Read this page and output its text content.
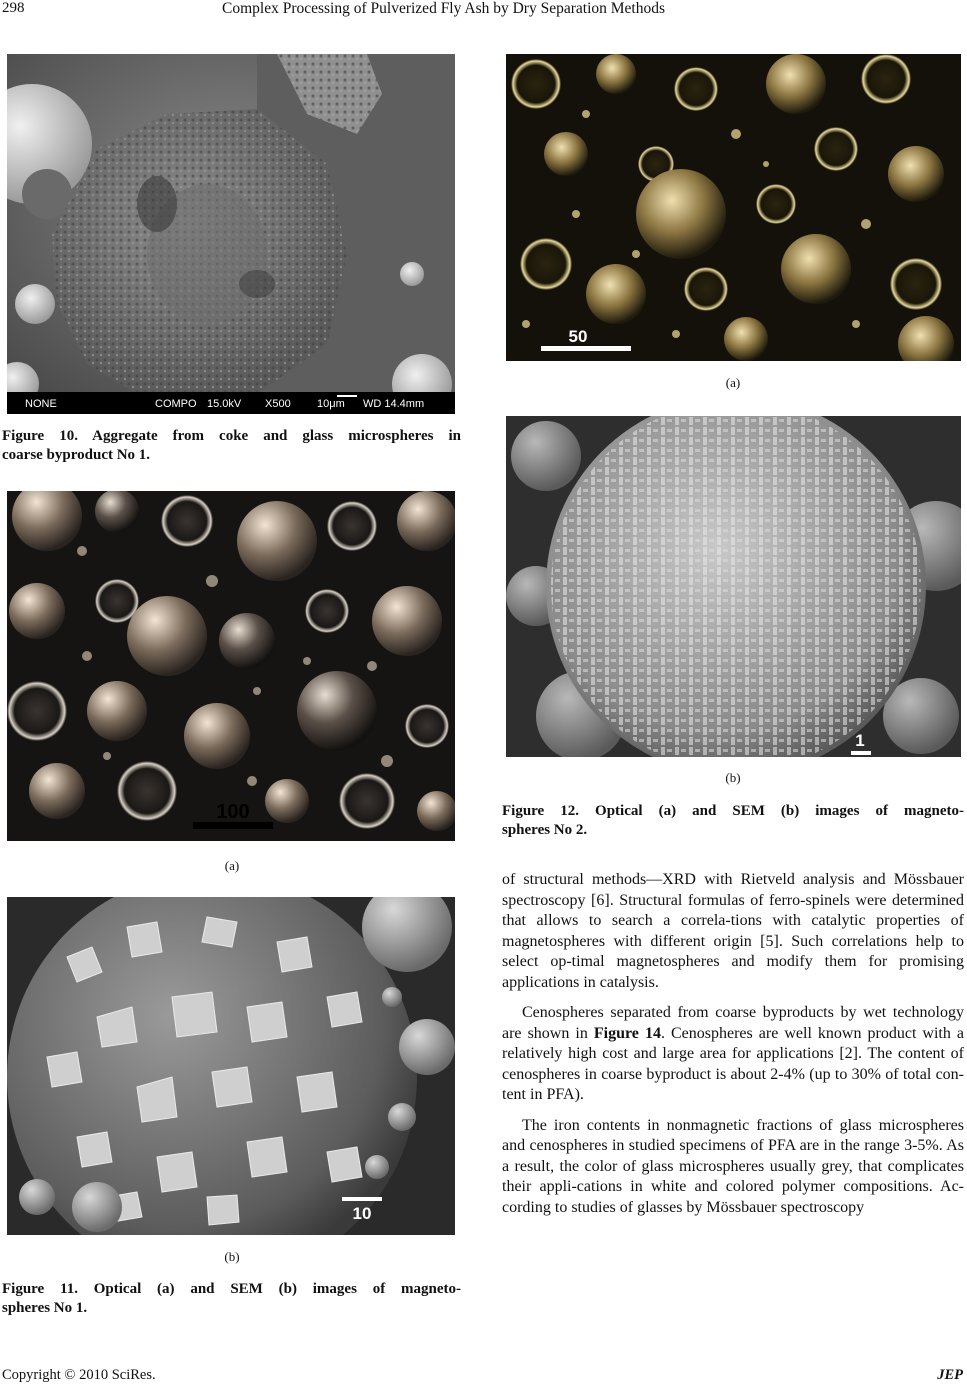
298	Complex Processing of Pulverized Fly Ash by Dry Separation Methods
NONE	COMPO 15.0kV X500 10μm WD 14.4mm
Figure 10. Aggregate from coke and glass microspheres in
coarse byproduct No 1.
100
(a)
10
(b)
Figure 11. Optical (a) and SEM (b) images of magneto-
spheres No 1.
50
(a)
1
(b)
Figure 12. Optical (a) and SEM (b) images of magneto-
spheres No 2.

of structural methods—XRD with Rietveld analysis and Mössbauer spectroscopy [6]. Structural formulas of ferro-spinels were determined that allows to search a correla-tions with catalytic properties of magnetospheres with different origin [5]. Such correlations help to select op-timal magnetospheres and modify them for promising applications in catalysis.

Cenospheres separated from coarse byproducts by wet technology are shown in Figure 14. Cenospheres are well known product with a relatively high cost and large area for applications [2]. The content of cenospheres in coarse byproduct is about 2-4% (up to 30% of total con-tent in PFA).

The iron contents in nonmagnetic fractions of glass microspheres and cenospheres in studied specimens of PFA are in the range 3-5%. As a result, the color of glass microspheres usually grey, that complicates their appli-cations in white and colored polymer compositions. Ac-cording to studies of glasses by Mössbauer spectroscopy

Copyright © 2010 SciRes.	JEP
